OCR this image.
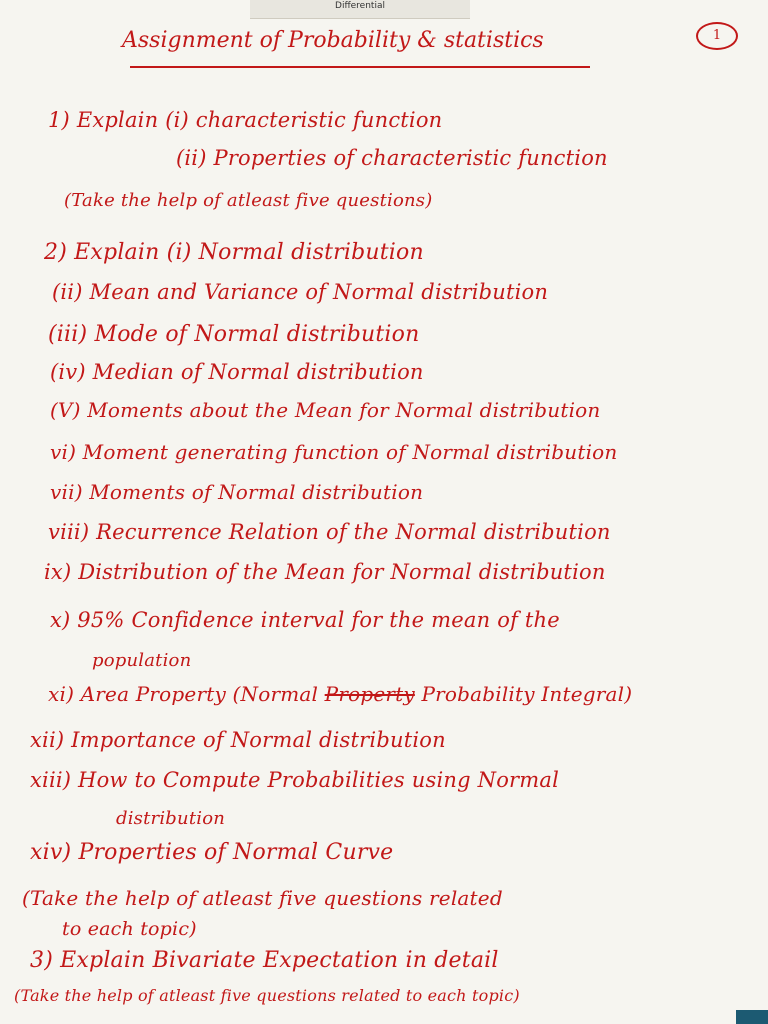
Differential
1
Assignment of Probability & statistics
1) Explain (i) characteristic function
(ii) Properties of characteristic function
(Take the help of atleast five questions)
2) Explain (i) Normal distribution
(ii) Mean and Variance of Normal distribution
(iii) Mode of Normal distribution
(iv) Median of Normal distribution
(V) Moments about the Mean for Normal distribution
vi) Moment generating function of Normal distribution
vii) Moments of Normal distribution
viii) Recurrence Relation of the Normal distribution
ix) Distribution of the Mean for Normal distribution
x) 95% Confidence interval for the mean of the
population
xi) Area Property (Normal Property Probability Integral)
xii) Importance of Normal distribution
xiii) How to Compute Probabilities using Normal
distribution
xiv) Properties of Normal Curve
(Take the help of atleast five questions related
to each topic)
3) Explain Bivariate Expectation in detail
(Take the help of atleast five questions related to each topic)
